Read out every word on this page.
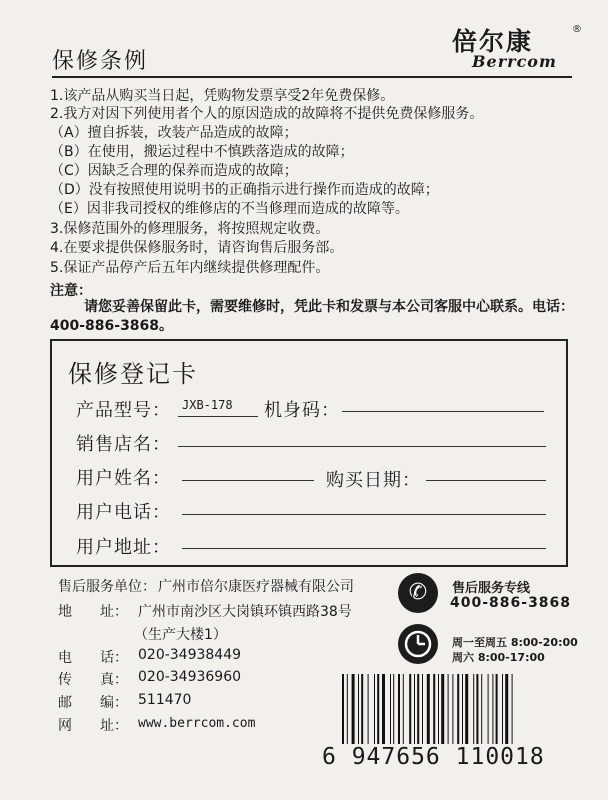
保修条例
倍尔康	®
Berrcom
1.该产品从购买当日起，凭购物发票享受2年免费保修。
2.我方对因下列使用者个人的原因造成的故障将不提供免费保修服务。
（A）擅自拆装，改装产品造成的故障；
（B）在使用，搬运过程中不慎跌落造成的故障；
（C）因缺乏合理的保养而造成的故障；
（D）没有按照使用说明书的正确指示进行操作而造成的故障；
（E）因非我司授权的维修店的不当修理而造成的故障等。
3.保修范围外的修理服务，将按照规定收费。
4.在要求提供保修服务时，请咨询售后服务部。
5.保证产品停产后五年内继续提供修理配件。
注意：
请您妥善保留此卡，需要维修时，凭此卡和发票与本公司客服中心联系。电话：400-886-3868。
保修登记卡
产品型号： JXB-178 机身码：
销售店名：
用户姓名：	购买日期：
用户电话：
用户地址：
售后服务单位： 广州市倍尔康医疗器械有限公司
地　　址： 广州市南沙区大岗镇环镇西路38号
（生产大楼1）
电　　话： 020-34938449
传　　真： 020-34936960
邮　　编： 511470
网　　址： www.berrcom.com
✆	售后服务专线
400-886-3868
周一至周五 8:00-20:00
周六 8:00-17:00
6 947656 110018
